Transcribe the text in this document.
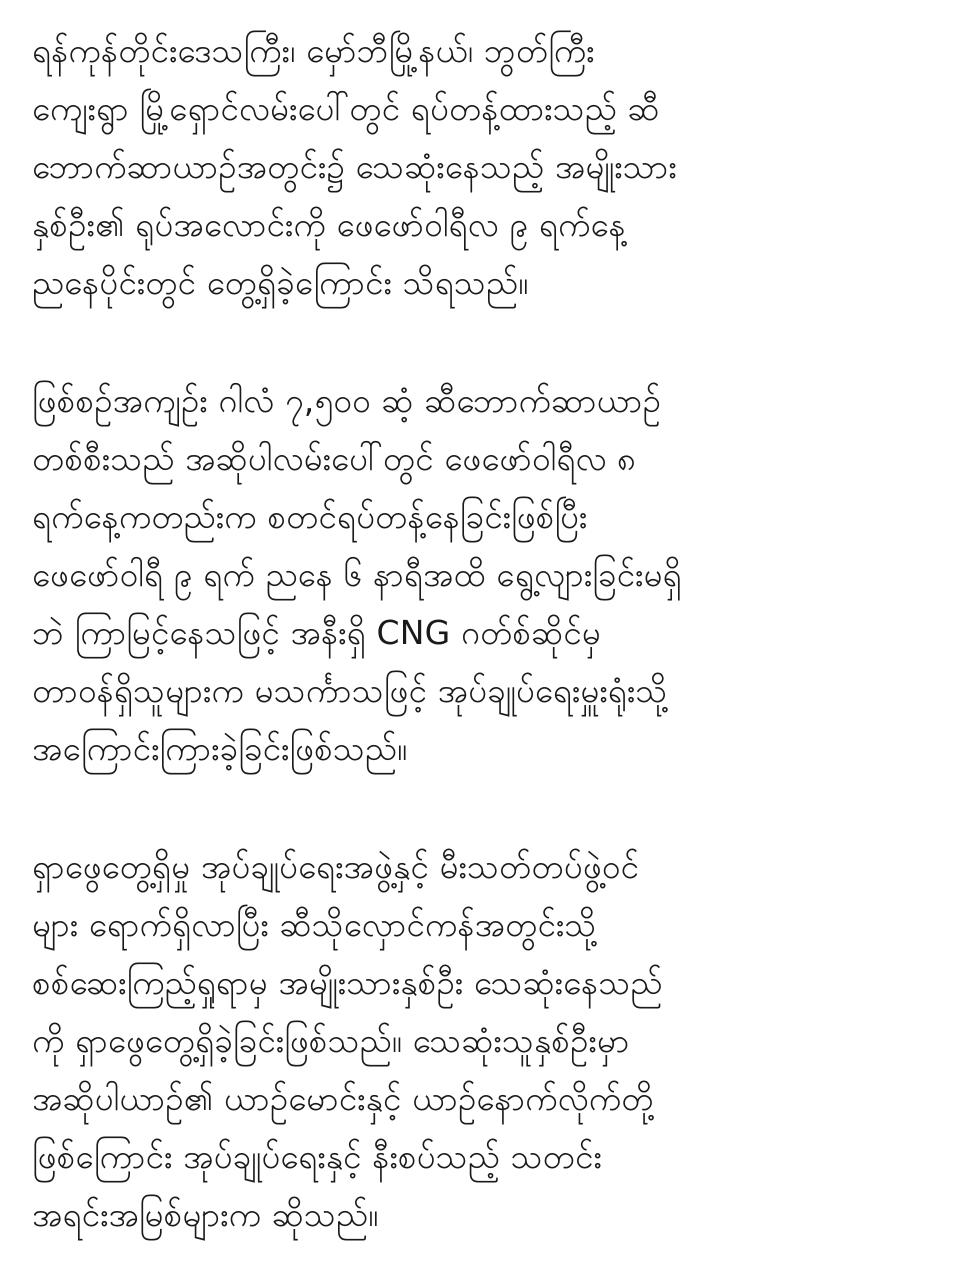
ရန်ကုန်တိုင်းဒေသကြီး၊ မှော်ဘီမြို့နယ်၊ ဘွတ်ကြီး
ကျေးရွာ မြို့ရှောင်လမ်းပေါ်တွင် ရပ်တန့်ထားသည့် ဆီ
ဘောက်ဆာယာဉ်အတွင်း၌ သေဆုံးနေသည့် အမျိုးသား
နှစ်ဦး၏ ရုပ်အလောင်းကို ဖေဖော်ဝါရီလ ၉ ရက်နေ့
ညနေပိုင်းတွင် တွေ့ရှိခဲ့ကြောင်း သိရသည်။
ဖြစ်စဉ်အကျဉ်း ဂါလံ ၇,၅၀၀ ဆံ့ ဆီဘောက်ဆာယာဉ်
တစ်စီးသည် အဆိုပါလမ်းပေါ်တွင် ဖေဖော်ဝါရီလ ၈
ရက်နေ့ကတည်းက စတင်ရပ်တန့်နေခြင်းဖြစ်ပြီး
ဖေဖော်ဝါရီ ၉ ရက် ညနေ ၆ နာရီအထိ ရွေ့လျားခြင်းမရှိ
ဘဲ ကြာမြင့်နေသဖြင့် အနီးရှိ CNG ဂတ်စ်ဆိုင်မှ
တာဝန်ရှိသူများက မသင်္ကာသဖြင့် အုပ်ချုပ်ရေးမှူးရုံးသို့
အကြောင်းကြားခဲ့ခြင်းဖြစ်သည်။
ရှာဖွေတွေ့ရှိမှု အုပ်ချုပ်ရေးအဖွဲ့နှင့် မီးသတ်တပ်ဖွဲ့ဝင်
များ ရောက်ရှိလာပြီး ဆီသိုလှောင်ကန်အတွင်းသို့
စစ်ဆေးကြည့်ရှုရာမှ အမျိုးသားနှစ်ဦး သေဆုံးနေသည်
ကို ရှာဖွေတွေ့ရှိခဲ့ခြင်းဖြစ်သည်။ သေဆုံးသူနှစ်ဦးမှာ
အဆိုပါယာဉ်၏ ယာဉ်မောင်းနှင့် ယာဉ်နောက်လိုက်တို့
ဖြစ်ကြောင်း အုပ်ချုပ်ရေးနှင့် နီးစပ်သည့် သတင်း
အရင်းအမြစ်များက ဆိုသည်။
